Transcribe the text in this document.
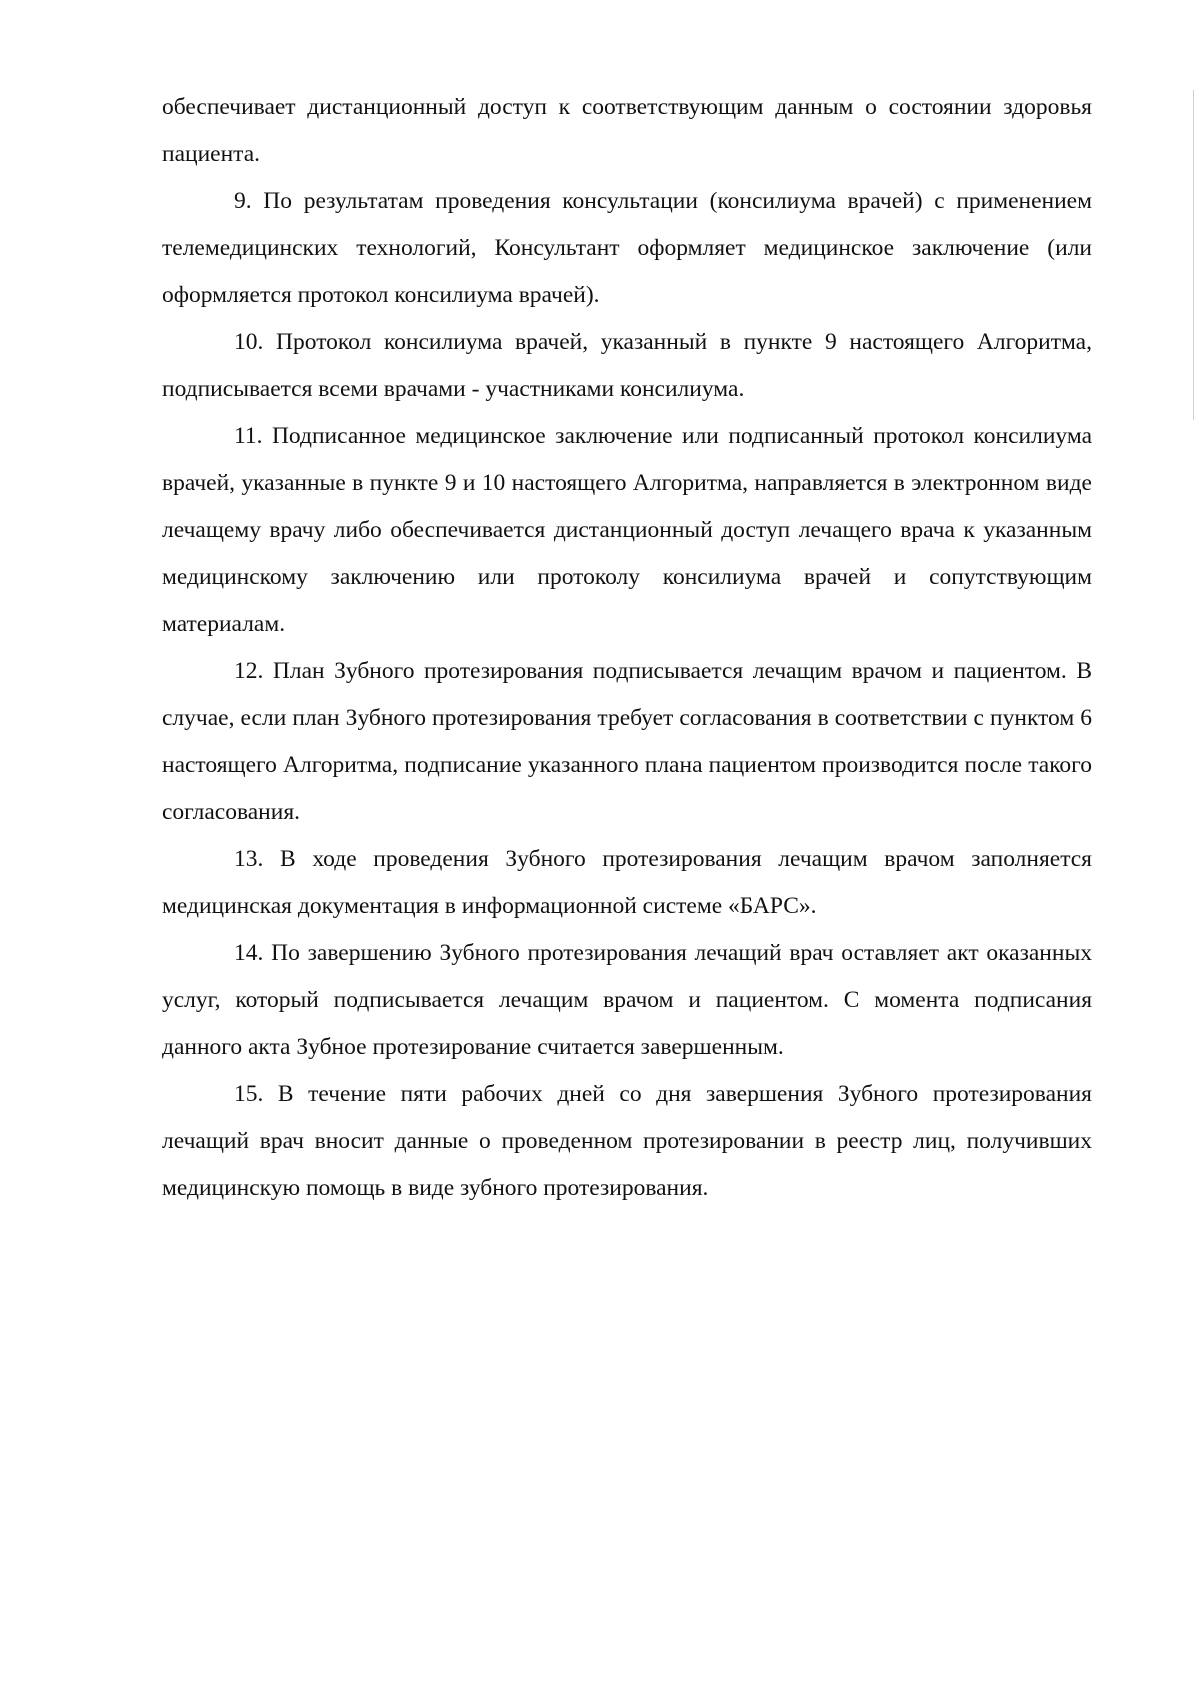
обеспечивает дистанционный доступ к соответствующим данным о состоянии здоровья пациента.

9. По результатам проведения консультации (консилиума врачей) с применением телемедицинских технологий, Консультант оформляет медицинское заключение (или оформляется протокол консилиума врачей).

10. Протокол консилиума врачей, указанный в пункте 9 настоящего Алгоритма, подписывается всеми врачами - участниками консилиума.

11. Подписанное медицинское заключение или подписанный протокол консилиума врачей, указанные в пункте 9 и 10 настоящего Алгоритма, направляется в электронном виде лечащему врачу либо обеспечивается дистанционный доступ лечащего врача к указанным медицинскому заключению или протоколу консилиума врачей и сопутствующим материалам.

12. План Зубного протезирования подписывается лечащим врачом и пациентом. В случае, если план Зубного протезирования требует согласования в соответствии с пунктом 6 настоящего Алгоритма, подписание указанного плана пациентом производится после такого согласования.

13. В ходе проведения Зубного протезирования лечащим врачом заполняется медицинская документация в информационной системе «БАРС».

14. По завершению Зубного протезирования лечащий врач оставляет акт оказанных услуг, который подписывается лечащим врачом и пациентом. С момента подписания данного акта Зубное протезирование считается завершенным.

15. В течение пяти рабочих дней со дня завершения Зубного протезирования лечащий врач вносит данные о проведенном протезировании в реестр лиц, получивших медицинскую помощь в виде зубного протезирования.
